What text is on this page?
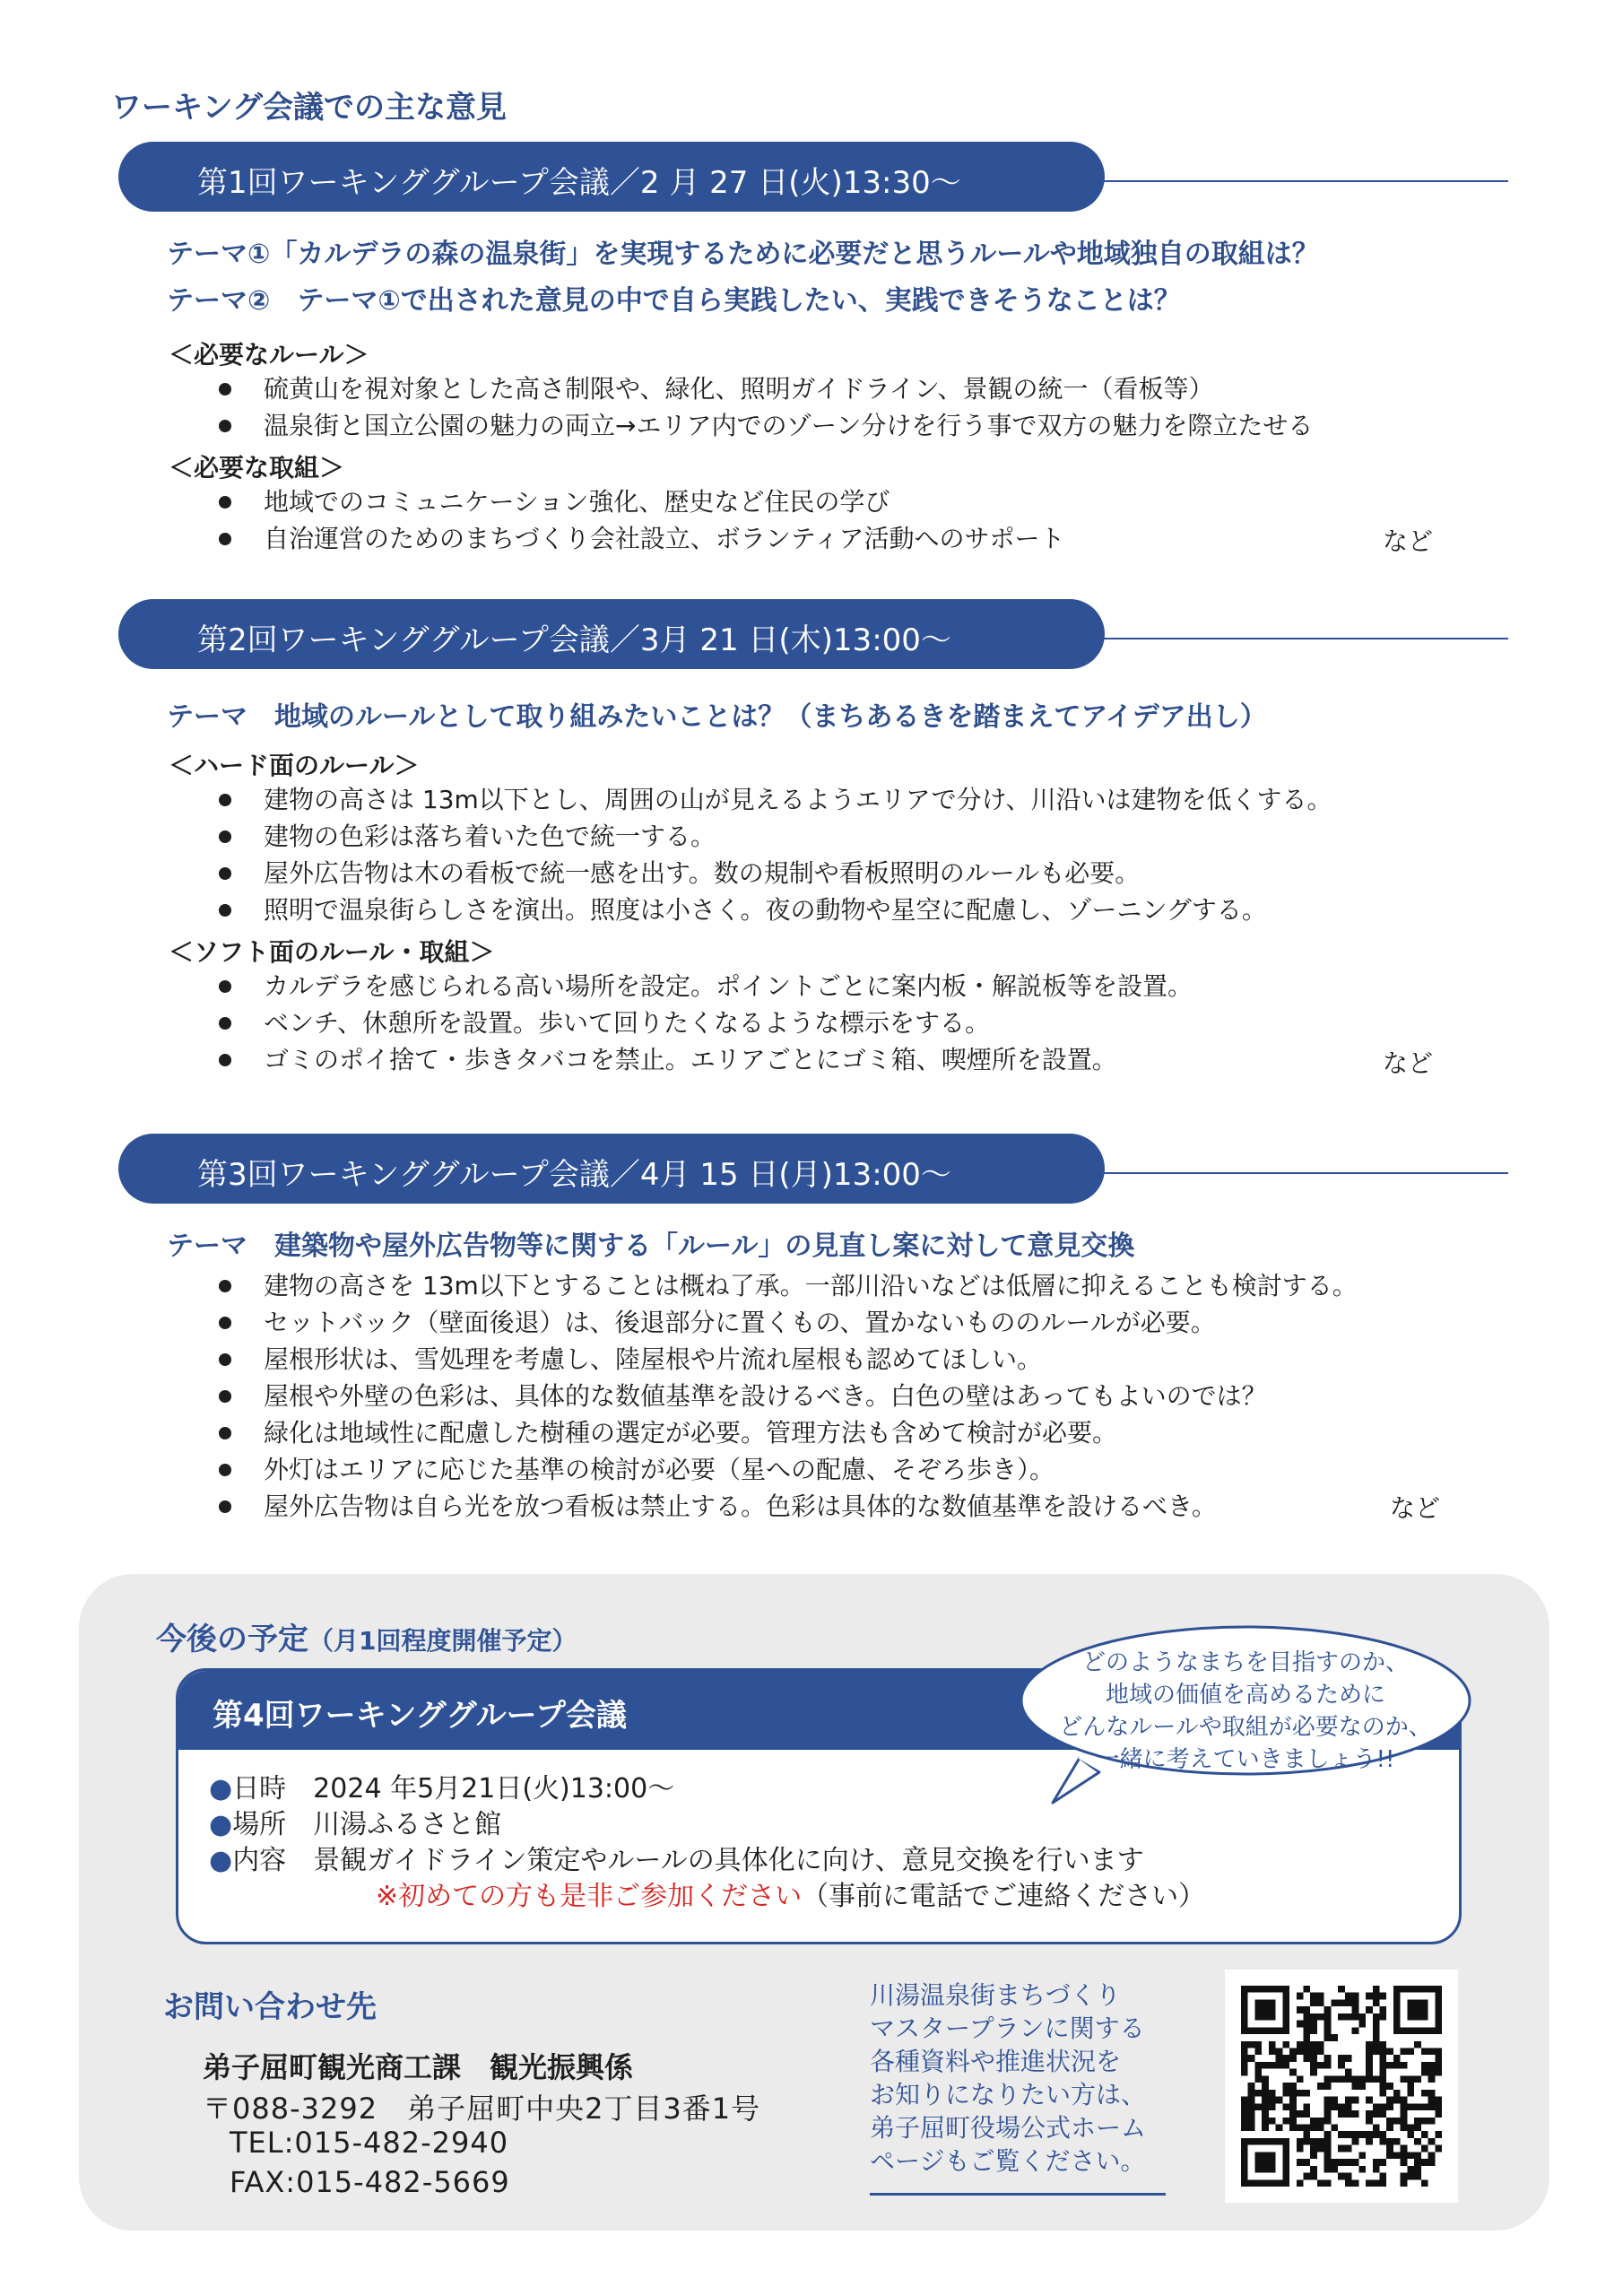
ワーキング会議での主な意見
第1回ワーキンググループ会議／2 月 27 日(火)13:30～
テーマ①「カルデラの森の温泉街」を実現するために必要だと思うルールや地域独自の取組は？
テーマ②　テーマ①で出された意見の中で自ら実践したい、実践できそうなことは？
＜必要なルール＞
硫黄山を視対象とした高さ制限や、緑化、照明ガイドライン、景観の統一（看板等）
温泉街と国立公園の魅力の両立→エリア内でのゾーン分けを行う事で双方の魅力を際立たせる
＜必要な取組＞
地域でのコミュニケーション強化、歴史など住民の学び
自治運営のためのまちづくり会社設立、ボランティア活動へのサポート	など
第2回ワーキンググループ会議／3月 21 日(木)13:00～
テーマ　地域のルールとして取り組みたいことは？（まちあるきを踏まえてアイデア出し）
＜ハード面のルール＞
建物の高さは 13m以下とし、周囲の山が見えるようエリアで分け、川沿いは建物を低くする。
建物の色彩は落ち着いた色で統一する。
屋外広告物は木の看板で統一感を出す。数の規制や看板照明のルールも必要。
照明で温泉街らしさを演出。照度は小さく。夜の動物や星空に配慮し、ゾーニングする。
＜ソフト面のルール・取組＞
カルデラを感じられる高い場所を設定。ポイントごとに案内板・解説板等を設置。
ベンチ、休憩所を設置。歩いて回りたくなるような標示をする。
ゴミのポイ捨て・歩きタバコを禁止。エリアごとにゴミ箱、喫煙所を設置。	など
第3回ワーキンググループ会議／4月 15 日(月)13:00～
テーマ　建築物や屋外広告物等に関する「ルール」の見直し案に対して意見交換
建物の高さを 13m以下とすることは概ね了承。一部川沿いなどは低層に抑えることも検討する。
セットバック（壁面後退）は、後退部分に置くもの、置かないもののルールが必要。
屋根形状は、雪処理を考慮し、陸屋根や片流れ屋根も認めてほしい。
屋根や外壁の色彩は、具体的な数値基準を設けるべき。白色の壁はあってもよいのでは？
緑化は地域性に配慮した樹種の選定が必要。管理方法も含めて検討が必要。
外灯はエリアに応じた基準の検討が必要（星への配慮、そぞろ歩き）。
屋外広告物は自ら光を放つ看板は禁止する。色彩は具体的な数値基準を設けるべき。	など
今後の予定（月1回程度開催予定）
第4回ワーキンググループ会議
●日時　2024 年5月21日(火)13:00～
●場所　川湯ふるさと館
●内容　景観ガイドライン策定やルールの具体化に向け、意見交換を行います
※初めての方も是非ご参加ください（事前に電話でご連絡ください）
どのようなまちを目指すのか、
地域の価値を高めるために
どんなルールや取組が必要なのか、
一緒に考えていきましょう!!
お問い合わせ先
弟子屈町観光商工課　観光振興係
〒088-3292　弟子屈町中央2丁目3番1号
TEL:015-482-2940
FAX:015-482-5669
川湯温泉街まちづくり
マスタープランに関する
各種資料や推進状況を
お知りになりたい方は、
弟子屈町役場公式ホーム
ページもご覧ください。
